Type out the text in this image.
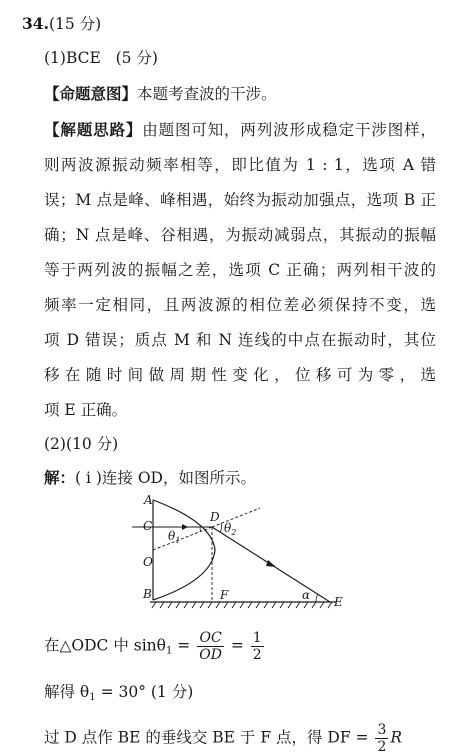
34.(15 分)
(1)BCE (5 分)
【命题意图】本题考查波的干涉。
【解题思路】由题图可知，两列波形成稳定干涉图样，
则两波源振动频率相等，即比值为 1 : 1，选项 A 错
误；M 点是峰、峰相遇，始终为振动加强点，选项 B 正
确；N 点是峰、谷相遇，为振动减弱点，其振动的振幅
等于两列波的振幅之差，选项 C 正确；两列相干波的
频率一定相同，且两波源的相位差必须保持不变，选
项 D 错误；质点 M 和 N 连线的中点在振动时，其位
移在随时间做周期性变化，位移可为零，选
项 E 正确。
(2)(10 分)
解：( i )连接 OD，如图所示。
A
C
O
B
D
F	E
$\theta_1$
$\theta_2$
α
在△ODC 中 $\sin\theta_1 = \frac{OC}{OD} = \frac{1}{2}$
解得 $\theta_1 = 30^\circ$ (1 分)
过 D 点作 BE 的垂线交 BE 于 F 点，得 DF = $\frac{3}{2}$ R
